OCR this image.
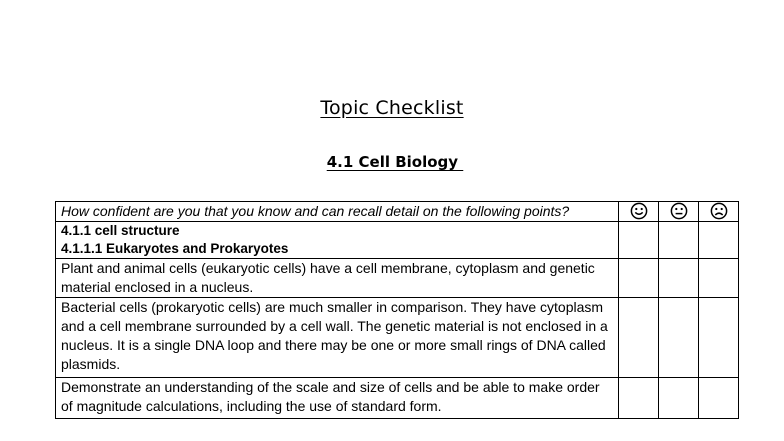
Topic Checklist
4.1 Cell Biology
How confident are you that you know and can recall detail on the following points?	

4.1.1 cell structure
4.1.1.1 Eukaryotes and Prokaryotes			

Plant and animal cells (eukaryotic cells) have a cell membrane, cytoplasm and genetic material enclosed in a nucleus.			

Bacterial cells (prokaryotic cells) are much smaller in comparison. They have cytoplasm and a cell membrane surrounded by a cell wall. The genetic material is not enclosed in a nucleus. It is a single DNA loop and there may be one or more small rings of DNA called plasmids.			

Demonstrate an understanding of the scale and size of cells and be able to make order of magnitude calculations, including the use of standard form.			
